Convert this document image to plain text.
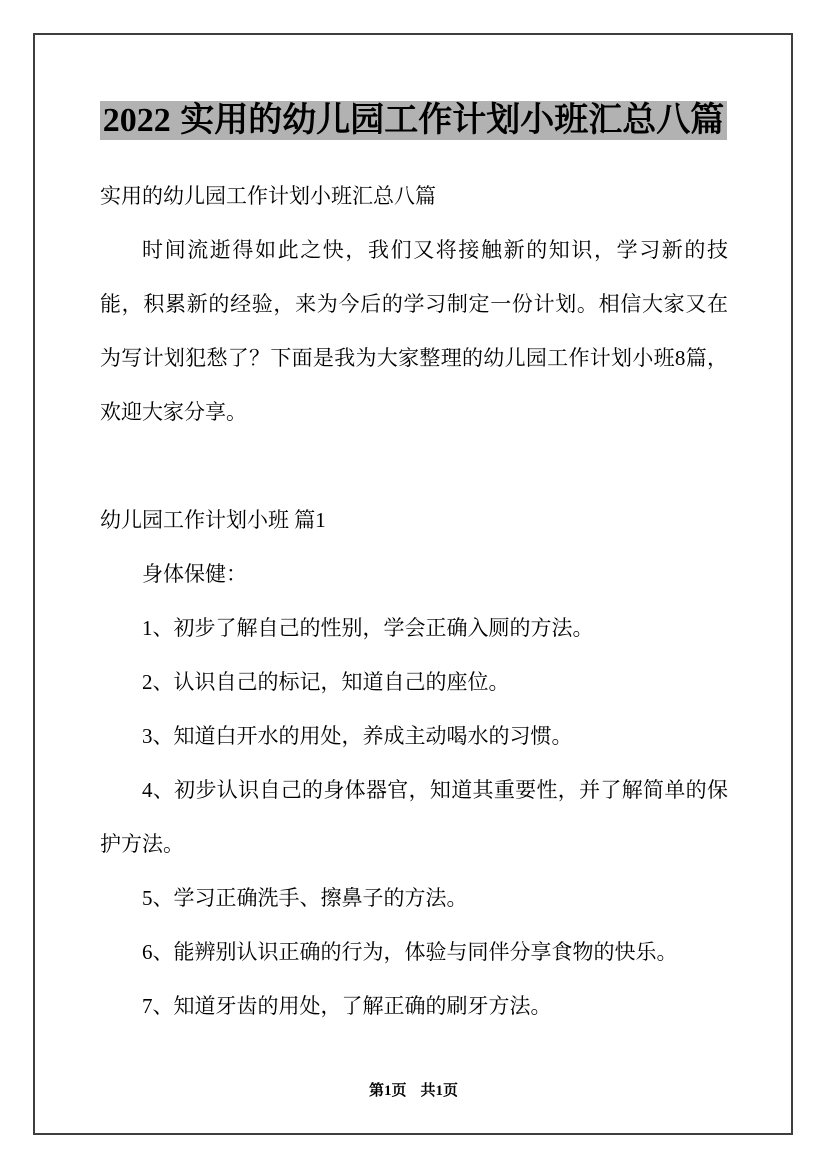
2022 实用的幼儿园工作计划小班汇总八篇

实用的幼儿园工作计划小班汇总八篇

时间流逝得如此之快，我们又将接触新的知识，学习新的技能，积累新的经验，来为今后的学习制定一份计划。相信大家又在为写计划犯愁了？下面是我为大家整理的幼儿园工作计划小班8篇，欢迎大家分享。

幼儿园工作计划小班 篇1

身体保健：

1、初步了解自己的性别，学会正确入厕的方法。

2、认识自己的标记，知道自己的座位。

3、知道白开水的用处，养成主动喝水的习惯。

4、初步认识自己的身体器官，知道其重要性，并了解简单的保护方法。

5、学习正确洗手、擦鼻子的方法。

6、能辨别认识正确的行为，体验与同伴分享食物的快乐。

7、知道牙齿的用处，了解正确的刷牙方法。

第1页 共1页
